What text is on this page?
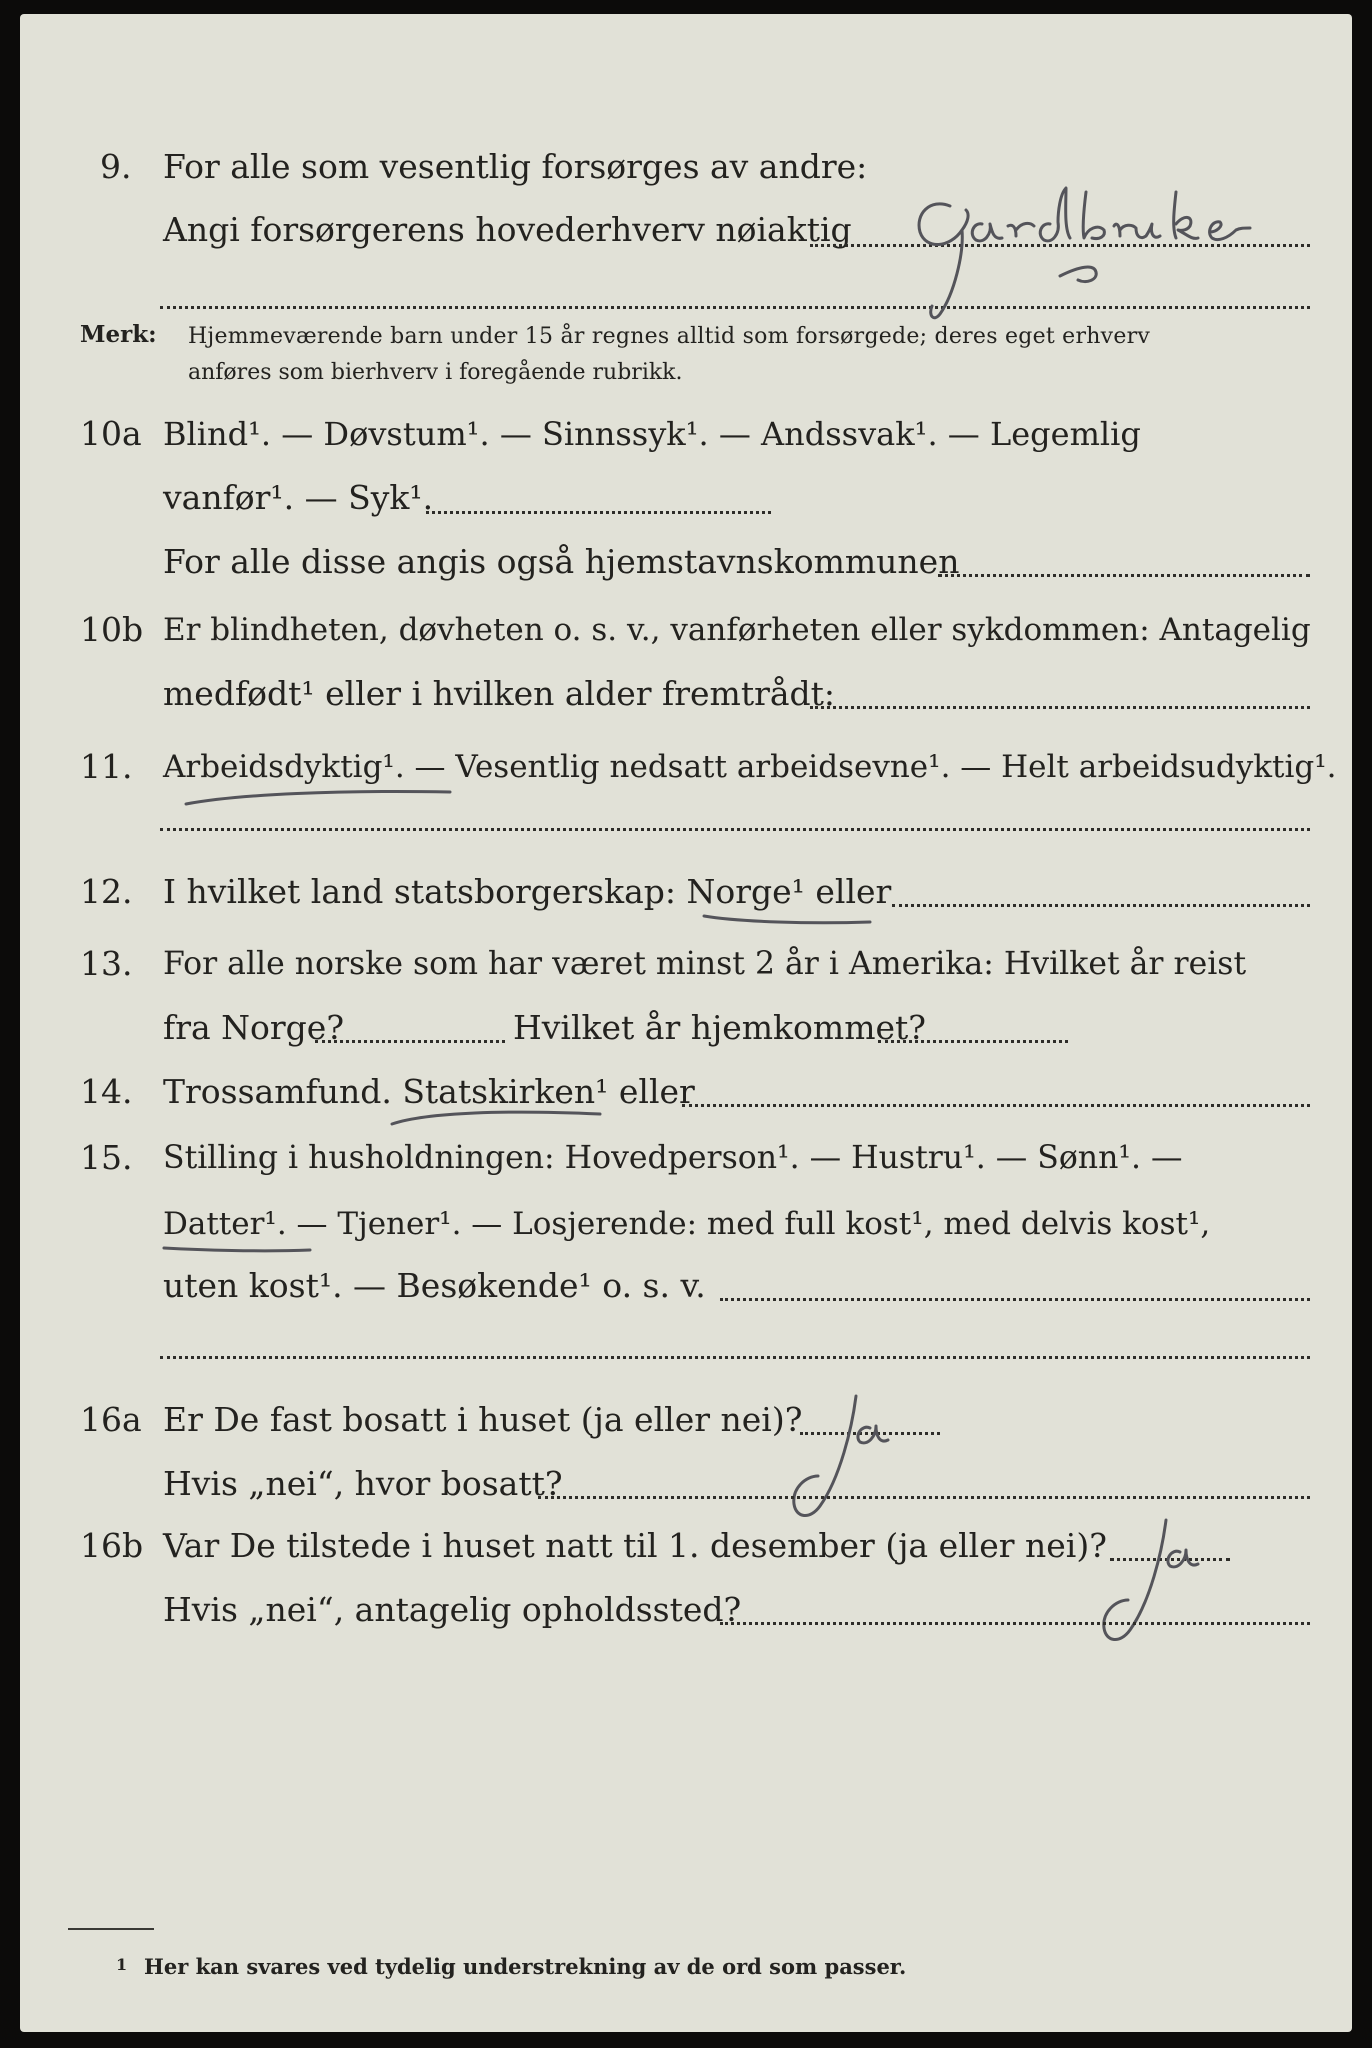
9. For alle som vesentlig forsørges av andre:
Angi forsørgerens hovederhverv nøiaktig
Merk: Hjemmeværende barn under 15 år regnes alltid som forsørgede; deres eget erhverv
anføres som bierhverv i foregående rubrikk.
10a Blind¹. — Døvstum¹. — Sinnssyk¹. — Andssvak¹. — Legemlig
vanfør¹. — Syk¹.
For alle disse angis også hjemstavnskommunen
10b Er blindheten, døvheten o. s. v., vanførheten eller sykdommen: Antagelig
medfødt¹ eller i hvilken alder fremtrådt:
11. Arbeidsdyktig¹. — Vesentlig nedsatt arbeidsevne¹. — Helt arbeidsudyktig¹.
12. I hvilket land statsborgerskap: Norge¹ eller
13. For alle norske som har været minst 2 år i Amerika: Hvilket år reist
fra Norge?	Hvilket år hjemkommet?
14. Trossamfund. Statskirken¹ eller
15. Stilling i husholdningen: Hovedperson¹. — Hustru¹. — Sønn¹. —
Datter¹. — Tjener¹. — Losjerende: med full kost¹, med delvis kost¹,
uten kost¹. — Besøkende¹ o. s. v.
16a Er De fast bosatt i huset (ja eller nei)?
Hvis „nei“, hvor bosatt?
16b Var De tilstede i huset natt til 1. desember (ja eller nei)?
Hvis „nei“, antagelig opholdssted?
1 Her kan svares ved tydelig understrekning av de ord som passer.
